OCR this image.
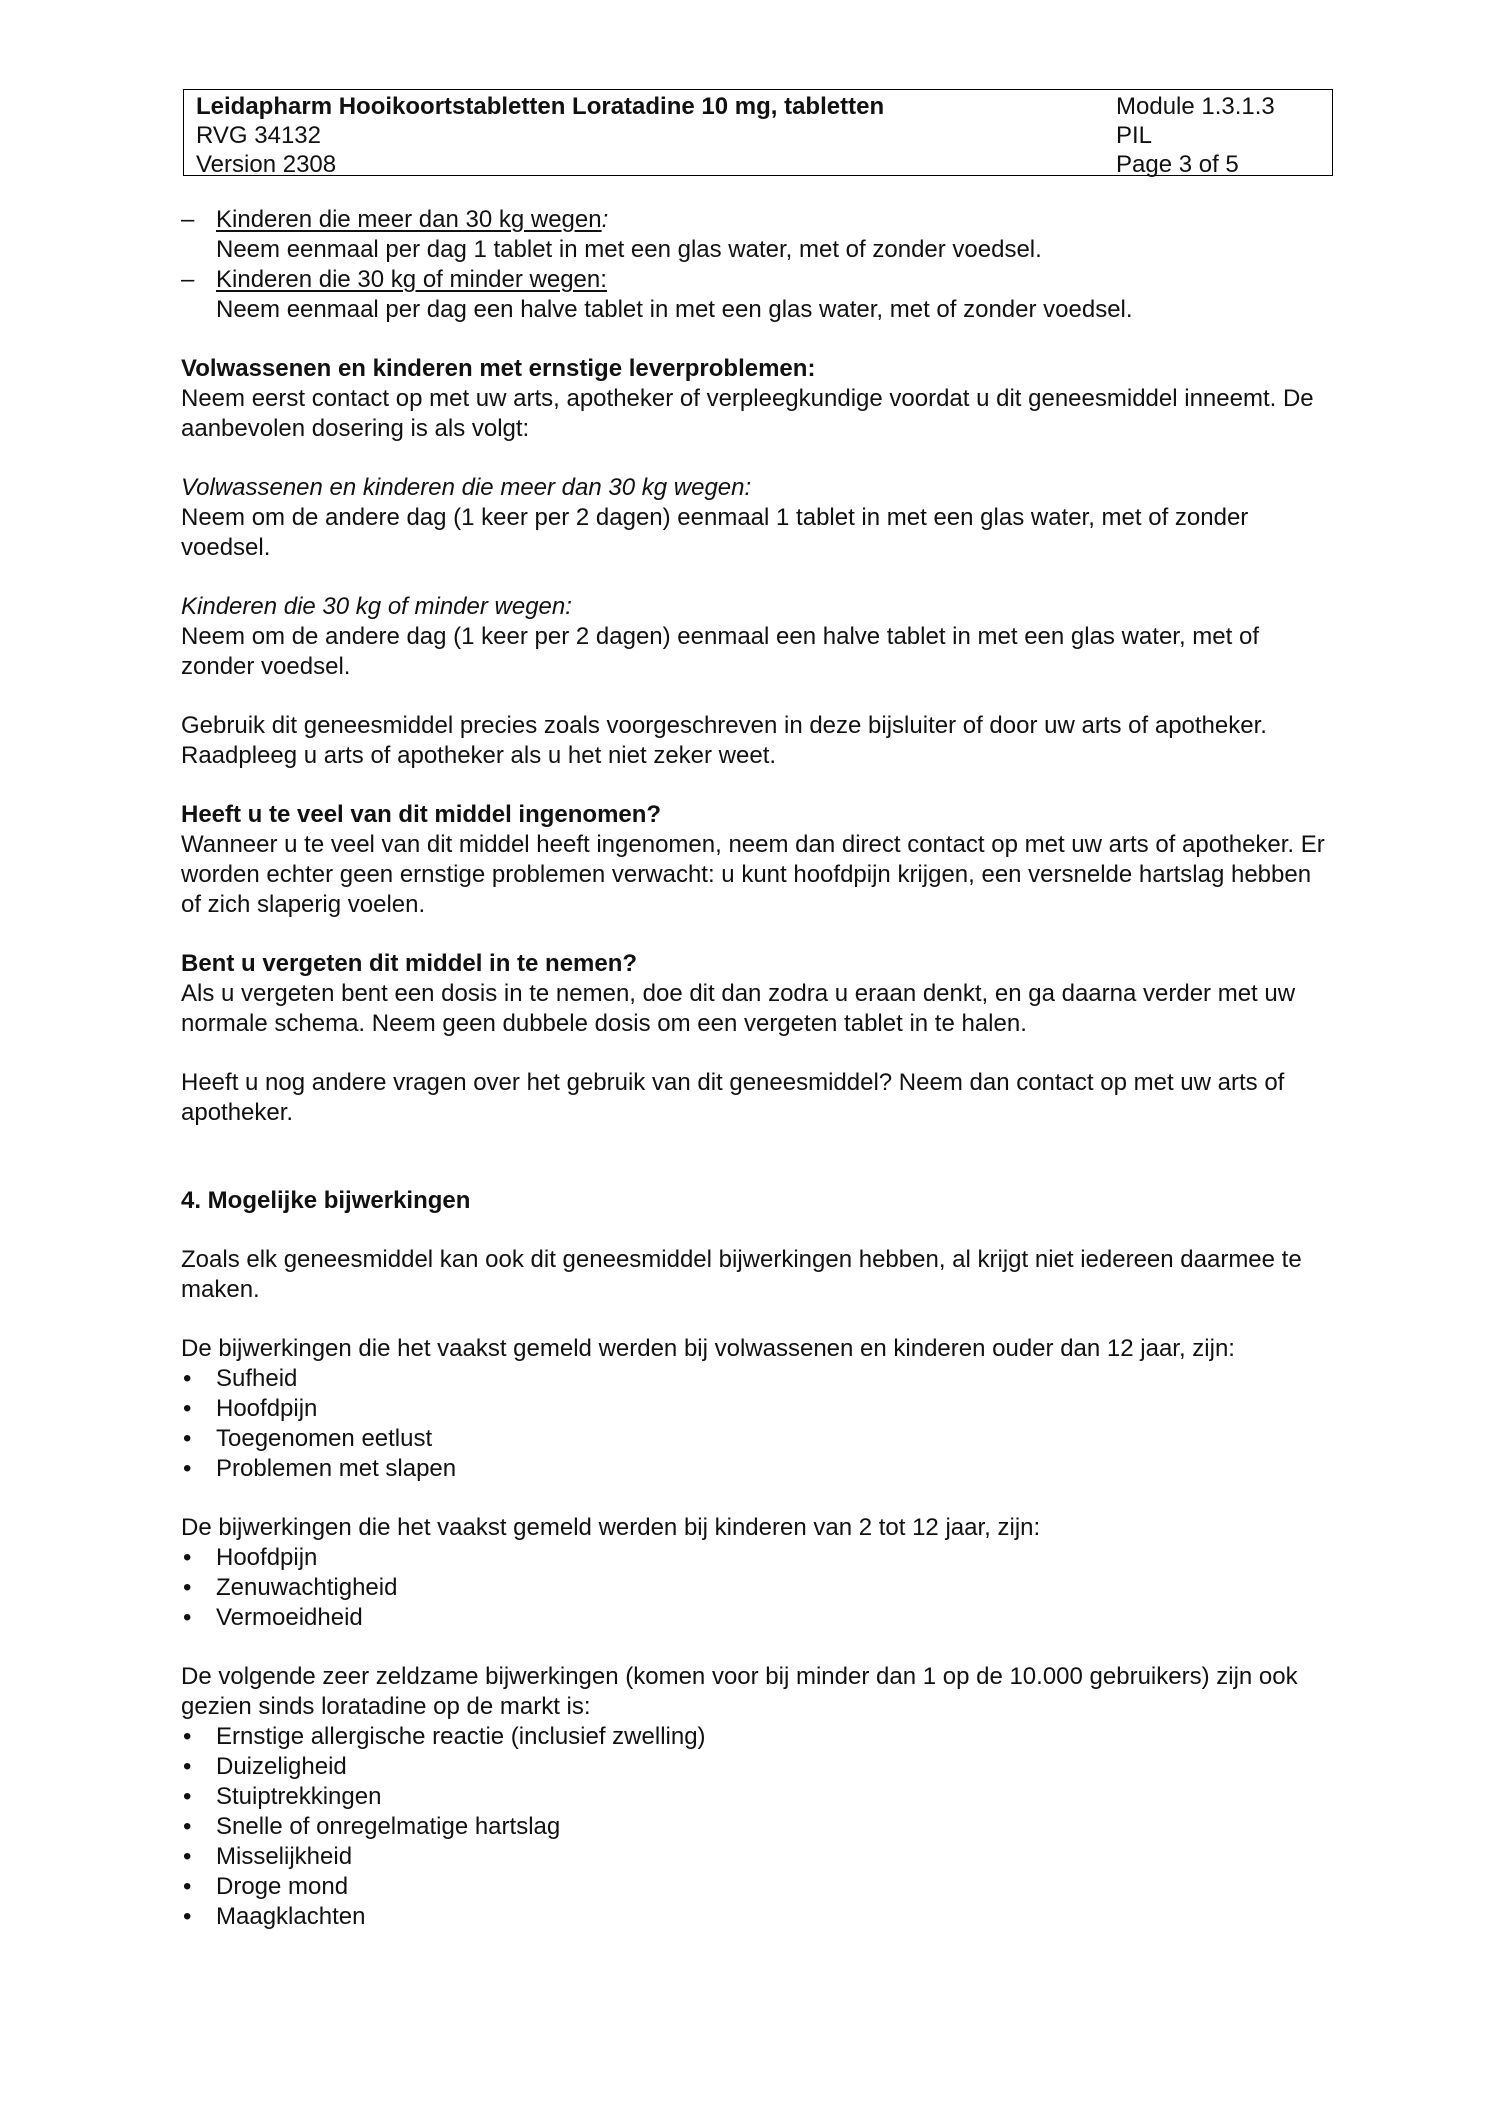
Leidapharm Hooikoortstabletten Loratadine 10 mg, tabletten
RVG 34132
Version 2308
Module 1.3.1.3
PIL
Page 3 of 5
– Kinderen die meer dan 30 kg wegen:

Neem eenmaal per dag 1 tablet in met een glas water, met of zonder voedsel.

– Kinderen die 30 kg of minder wegen:

Neem eenmaal per dag een halve tablet in met een glas water, met of zonder voedsel.

Volwassenen en kinderen met ernstige leverproblemen:

Neem eerst contact op met uw arts, apotheker of verpleegkundige voordat u dit geneesmiddel inneemt. De aanbevolen dosering is als volgt:

Volwassenen en kinderen die meer dan 30 kg wegen:

Neem om de andere dag (1 keer per 2 dagen) eenmaal 1 tablet in met een glas water, met of zonder voedsel.

Kinderen die 30 kg of minder wegen:

Neem om de andere dag (1 keer per 2 dagen) eenmaal een halve tablet in met een glas water, met of zonder voedsel.

Gebruik dit geneesmiddel precies zoals voorgeschreven in deze bijsluiter of door uw arts of apotheker. Raadpleeg u arts of apotheker als u het niet zeker weet.

Heeft u te veel van dit middel ingenomen?

Wanneer u te veel van dit middel heeft ingenomen, neem dan direct contact op met uw arts of apotheker. Er worden echter geen ernstige problemen verwacht: u kunt hoofdpijn krijgen, een versnelde hartslag hebben of zich slaperig voelen.

Bent u vergeten dit middel in te nemen?

Als u vergeten bent een dosis in te nemen, doe dit dan zodra u eraan denkt, en ga daarna verder met uw normale schema. Neem geen dubbele dosis om een vergeten tablet in te halen.

Heeft u nog andere vragen over het gebruik van dit geneesmiddel? Neem dan contact op met uw arts of apotheker.

4. Mogelijke bijwerkingen

Zoals elk geneesmiddel kan ook dit geneesmiddel bijwerkingen hebben, al krijgt niet iedereen daarmee te maken.

De bijwerkingen die het vaakst gemeld werden bij volwassenen en kinderen ouder dan 12 jaar, zijn:

• Sufheid
• Hoofdpijn
• Toegenomen eetlust
• Problemen met slapen

De bijwerkingen die het vaakst gemeld werden bij kinderen van 2 tot 12 jaar, zijn:

• Hoofdpijn
• Zenuwachtigheid
• Vermoeidheid

De volgende zeer zeldzame bijwerkingen (komen voor bij minder dan 1 op de 10.000 gebruikers) zijn ook gezien sinds loratadine op de markt is:

• Ernstige allergische reactie (inclusief zwelling)
• Duizeligheid
• Stuiptrekkingen
• Snelle of onregelmatige hartslag
• Misselijkheid
• Droge mond
• Maagklachten
